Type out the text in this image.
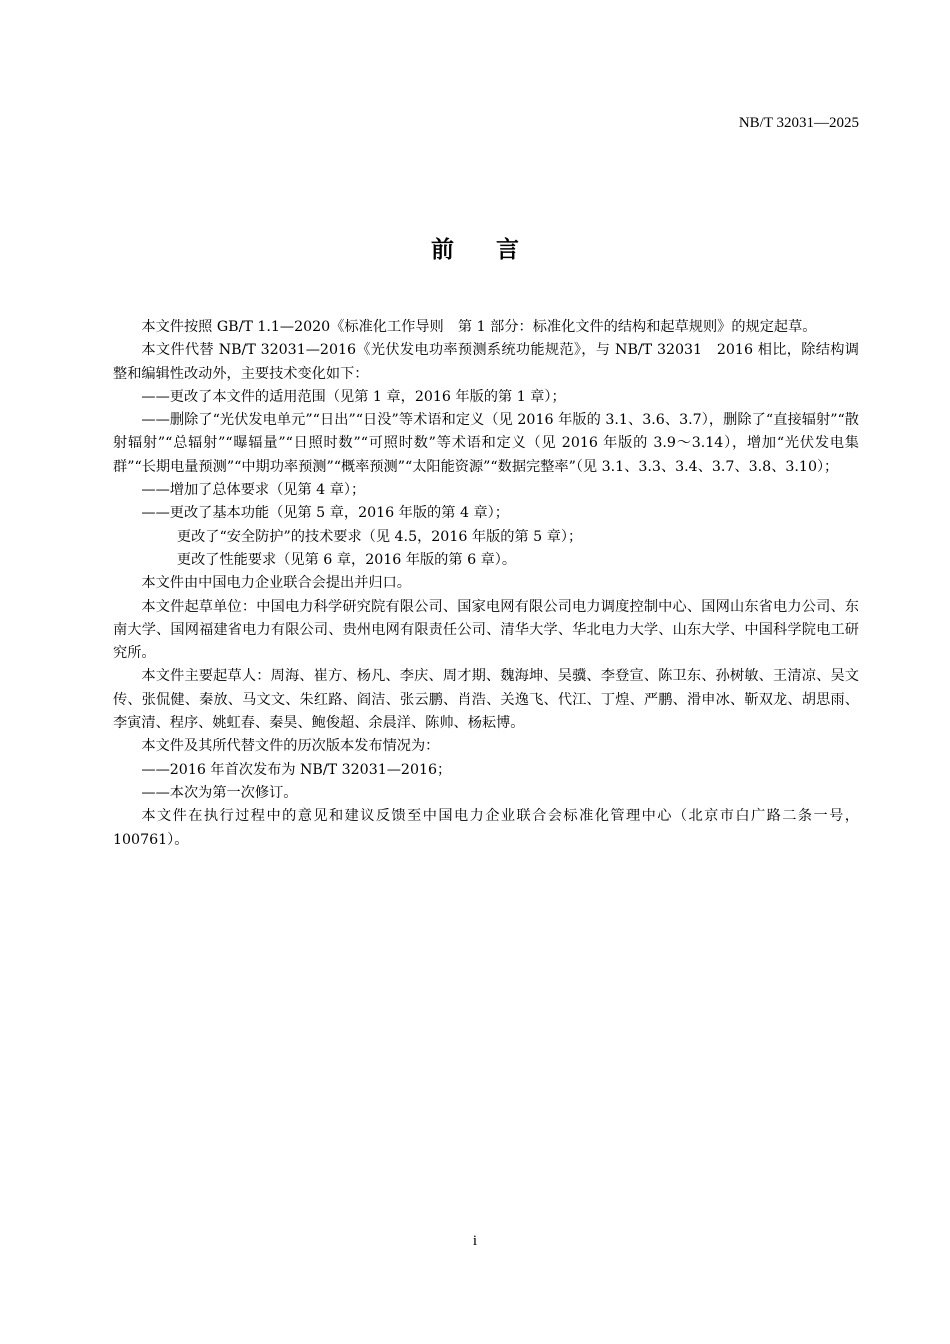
NB/T 32031—2025
前言

本文件按照 GB/T 1.1—2020《标准化工作导则　第 1 部分：标准化文件的结构和起草规则》的规定起草。

本文件代替 NB/T 32031—2016《光伏发电功率预测系统功能规范》，与 NB/T 32031　2016 相比，除结构调整和编辑性改动外，主要技术变化如下：

——更改了本文件的适用范围（见第 1 章，2016 年版的第 1 章）；

——删除了“光伏发电单元”“日出”“日没”等术语和定义（见 2016 年版的 3.1、3.6、3.7），删除了“直接辐射”“散射辐射”“总辐射”“曝辐量”“日照时数”“可照时数”等术语和定义（见 2016 年版的 3.9～3.14），增加“光伏发电集群”“长期电量预测”“中期功率预测”“概率预测”“太阳能资源”“数据完整率”（见 3.1、3.3、3.4、3.7、3.8、3.10）；

——增加了总体要求（见第 4 章）；

——更改了基本功能（见第 5 章，2016 年版的第 4 章）；

更改了“安全防护”的技术要求（见 4.5，2016 年版的第 5 章）；

更改了性能要求（见第 6 章，2016 年版的第 6 章）。

本文件由中国电力企业联合会提出并归口。

本文件起草单位：中国电力科学研究院有限公司、国家电网有限公司电力调度控制中心、国网山东省电力公司、东南大学、国网福建省电力有限公司、贵州电网有限责任公司、清华大学、华北电力大学、山东大学、中国科学院电工研究所。

本文件主要起草人：周海、崔方、杨凡、李庆、周才期、魏海坤、吴骥、李登宣、陈卫东、孙树敏、王清凉、吴文传、张侃健、秦放、马文文、朱红路、阎洁、张云鹏、肖浩、关逸飞、代江、丁煌、严鹏、滑申冰、靳双龙、胡思雨、李寅清、程序、姚虹春、秦昊、鲍俊超、余晨洋、陈帅、杨耘博。

本文件及其所代替文件的历次版本发布情况为：

——2016 年首次发布为 NB/T 32031—2016；

——本次为第一次修订。

本文件在执行过程中的意见和建议反馈至中国电力企业联合会标准化管理中心（北京市白广路二条一号，100761）。

i
